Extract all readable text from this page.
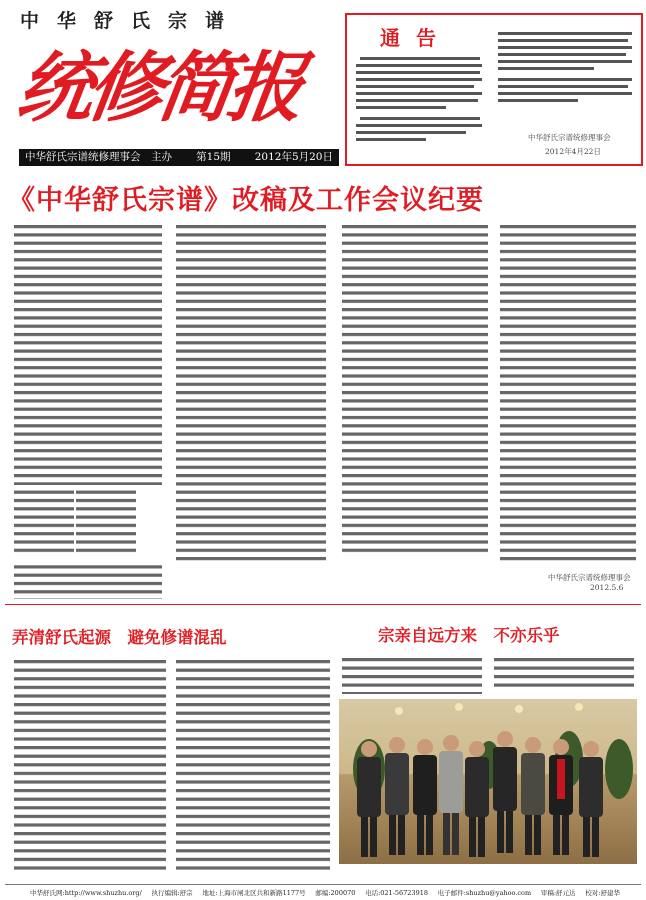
中华舒氏宗谱
统修简报
中华舒氏宗谱统修理事会　主办 第15期 2012年5月20日
通告
中华舒氏宗谱统修理事会
2012年4月22日
《中华舒氏宗谱》改稿及工作会议纪要
中华舒氏宗谱统修理事会
2012.5.6
弄清舒氏起源　避免修谱混乱	宗亲自远方来　不亦乐乎
中华舒氏网:http://www.shuzhu.org/ 执行编辑:舒宗 地址:上海市闸北区共和新路1177号 邮编:200070 电话:021-56723918 电子邮件:shuzhu@yahoo.com 审稿:舒元达 校对:舒建华
